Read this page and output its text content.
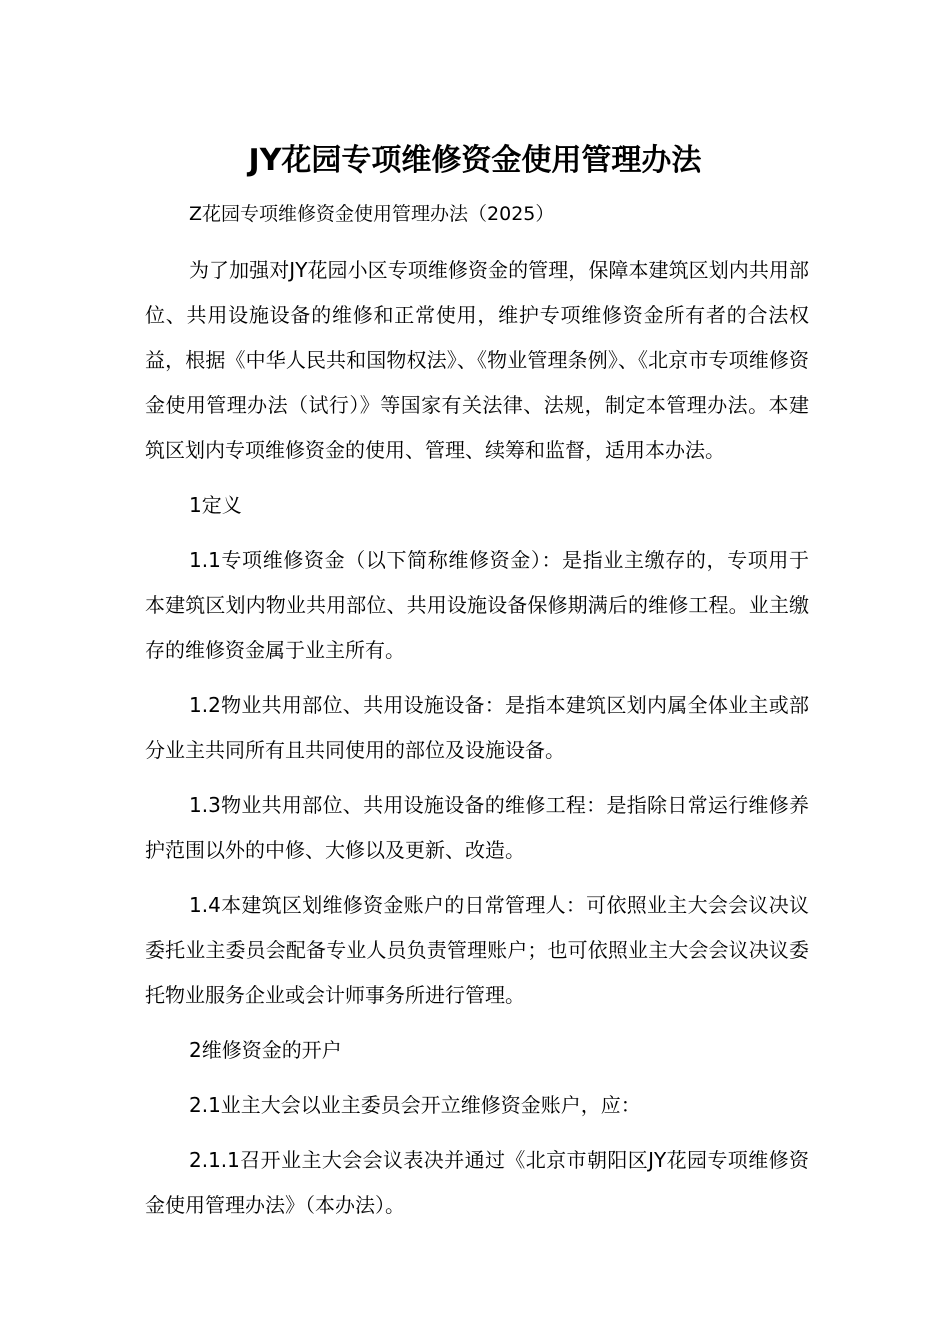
JY花园专项维修资金使用管理办法

Z花园专项维修资金使用管理办法（2025）

为了加强对JY花园小区专项维修资金的管理，保障本建筑区划内共用部位、共用设施设备的维修和正常使用，维护专项维修资金所有者的合法权益，根据《中华人民共和国物权法》、《物业管理条例》、《北京市专项维修资金使用管理办法（试行）》等国家有关法律、法规，制定本管理办法。本建筑区划内专项维修资金的使用、管理、续筹和监督，适用本办法。

1定义

1.1专项维修资金（以下简称维修资金）：是指业主缴存的，专项用于本建筑区划内物业共用部位、共用设施设备保修期满后的维修工程。业主缴存的维修资金属于业主所有。

1.2物业共用部位、共用设施设备：是指本建筑区划内属全体业主或部分业主共同所有且共同使用的部位及设施设备。

1.3物业共用部位、共用设施设备的维修工程：是指除日常运行维修养护范围以外的中修、大修以及更新、改造。

1.4本建筑区划维修资金账户的日常管理人：可依照业主大会会议决议委托业主委员会配备专业人员负责管理账户；也可依照业主大会会议决议委托物业服务企业或会计师事务所进行管理。

2维修资金的开户

2.1业主大会以业主委员会开立维修资金账户，应：

2.1.1召开业主大会会议表决并通过《北京市朝阳区JY花园专项维修资金使用管理办法》（本办法）。
